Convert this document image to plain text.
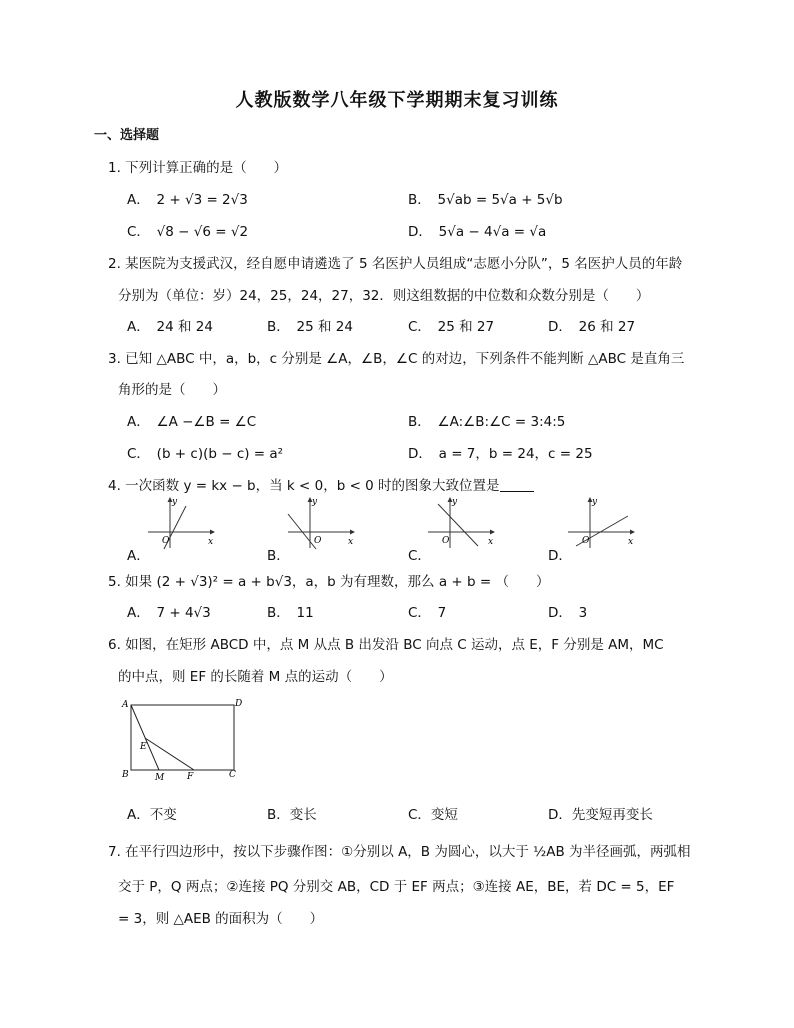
人教版数学八年级下学期期末复习训练
一、选择题
1. 下列计算正确的是（　　）
A．　2 + √3 = 2√3	B．　5√ab = 5√a + 5√b
C．　√8 − √6 = √2	D．　5√a − 4√a = √a
2. 某医院为支援武汉，经自愿申请遴选了 5 名医护人员组成“志愿小分队”，5 名医护人员的年龄
分别为（单位：岁）24，25，24，27，32．则这组数据的中位数和众数分别是（　　）
A．　24 和 24	B．　25 和 24	C．　25 和 27	D．　26 和 27
3. 已知 △ABC 中，a，b，c 分别是 ∠A，∠B，∠C 的对边，下列条件不能判断 △ABC 是直角三
角形的是（　　）
A．　∠A −∠B = ∠C	B．　∠A:∠B:∠C = 3:4:5
C．　(b + c)(b − c) = a²	D．　a = 7，b = 24，c = 25
4. 一次函数 y = kx − b，当 k < 0，b < 0 时的图象大致位置是
A．
x
y
O
B．
x
y
O
C．
x
y
O
D．
x
y
O
5. 如果 (2 + √3)² = a + b√3，a，b 为有理数，那么 a + b = （　　）
A．　7 + 4√3	B．　11	C．　7	D．　3
6. 如图，在矩形 ABCD 中，点 M 从点 B 出发沿 BC 向点 C 运动，点 E，F 分别是 AM，MC
的中点，则 EF 的长随着 M 点的运动（　　）
A	D
B	C
E
M	F
A．不变	B．变长	C．变短	D．先变短再变长
7. 在平行四边形中，按以下步骤作图：①分别以 A，B 为圆心，以大于 ½AB 为半径画弧，两弧相
交于 P，Q 两点；②连接 PQ 分别交 AB，CD 于 EF 两点；③连接 AE，BE，若 DC = 5，EF
= 3，则 △AEB 的面积为（　　）
